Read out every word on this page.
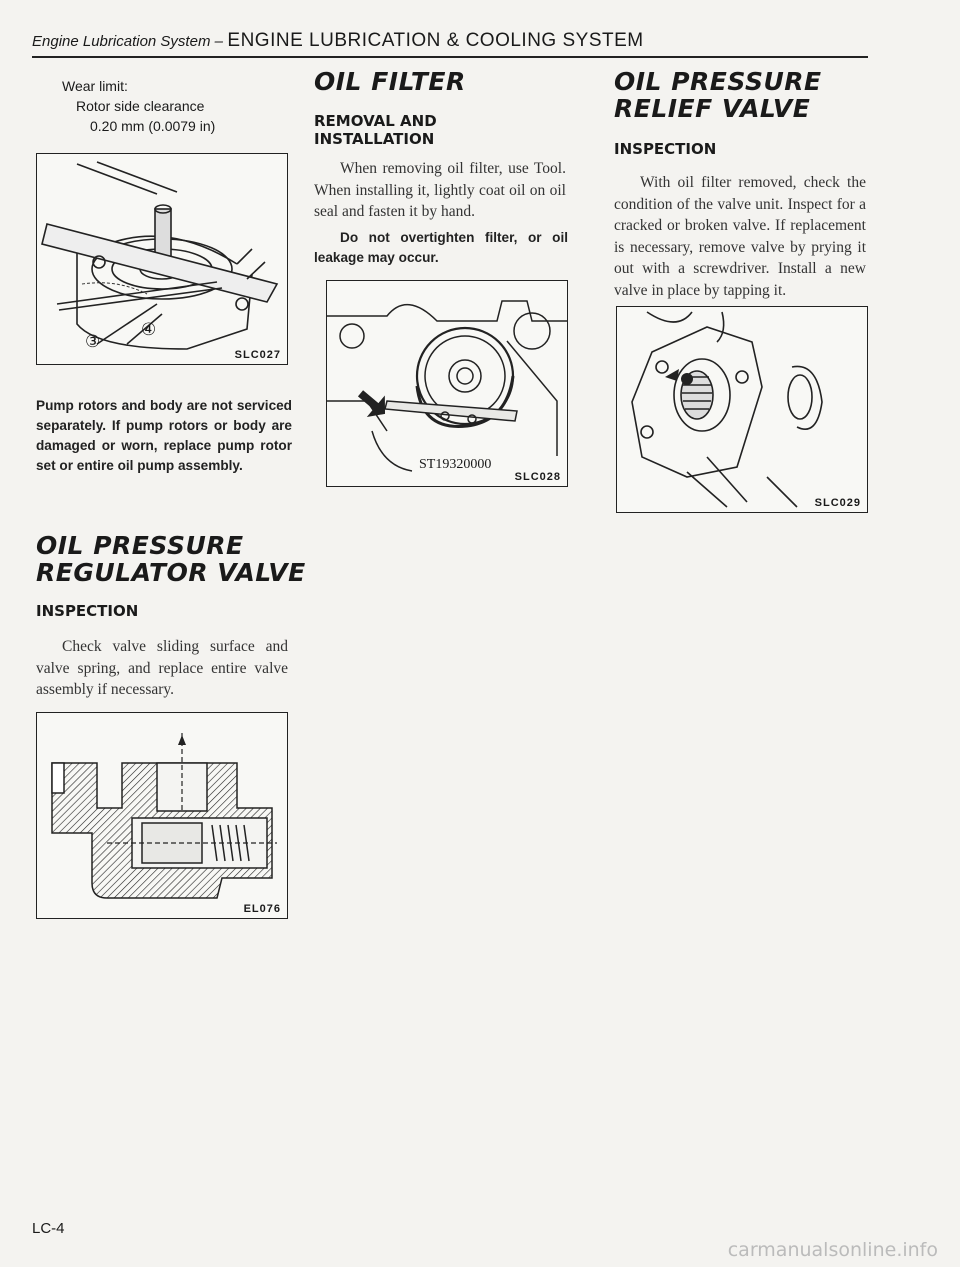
Engine Lubrication System – ENGINE LUBRICATION & COOLING SYSTEM
Wear limit:
Rotor side clearance
0.20 mm (0.0079 in)
③
④
SLC027
Pump rotors and body are not serviced separately. If pump rotors or body are damaged or worn, replace pump rotor set or entire oil pump assembly.
OIL PRESSURE
REGULATOR VALVE
INSPECTION
Check valve sliding surface and valve spring, and replace entire valve assembly if necessary.
EL076
OIL FILTER
REMOVAL AND
INSTALLATION
When removing oil filter, use Tool. When installing it, lightly coat oil on oil seal and fasten it by hand.
Do not overtighten filter, or oil leakage may occur.
ST19320000
SLC028
OIL PRESSURE
RELIEF VALVE
INSPECTION
With oil filter removed, check the condition of the valve unit. Inspect for a cracked or broken valve. If replacement is necessary, remove valve by prying it out with a screwdriver. Install a new valve in place by tapping it.
SLC029
LC-4
carmanualsonline.info
